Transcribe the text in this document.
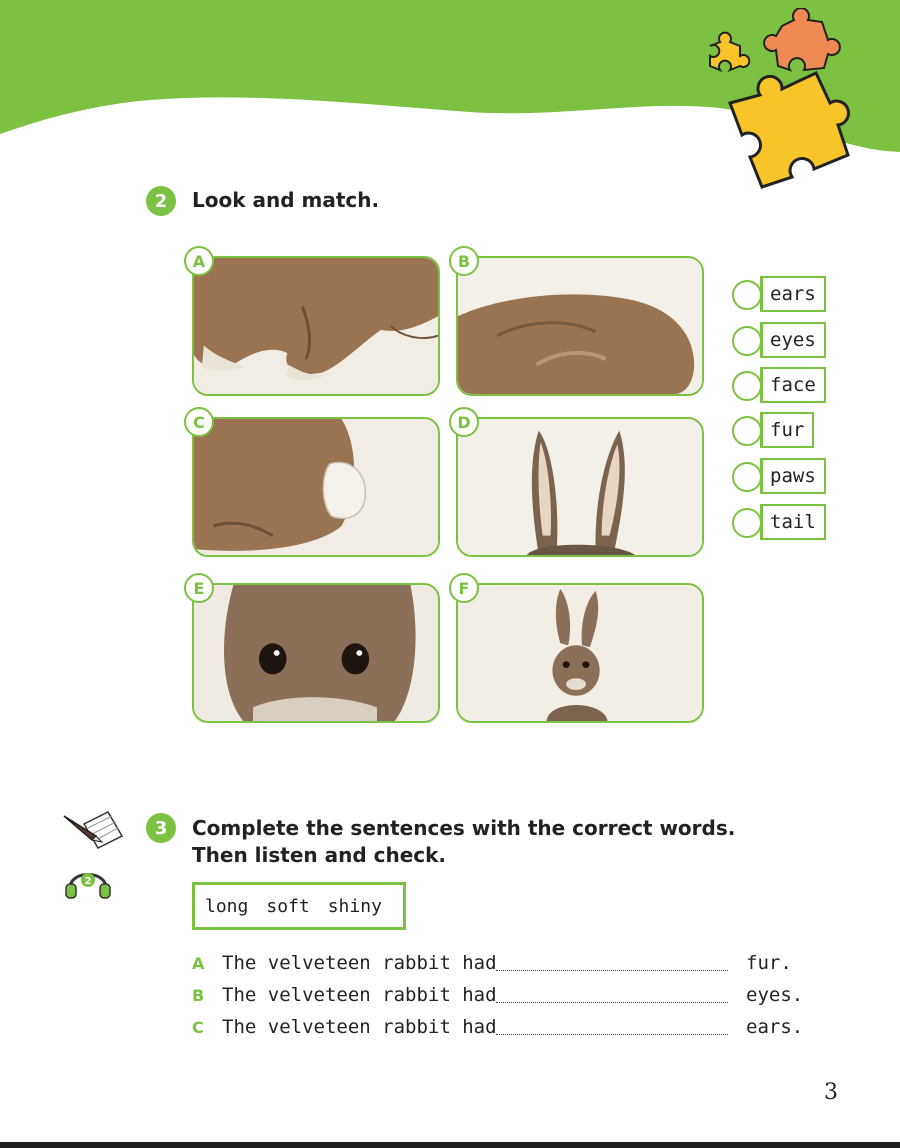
2	Look and match.
A	B
C	D
E	F
ears
eyes
face
fur
paws
tail
2
3	Complete the sentences with the correct words.
Then listen and check.
long soft shiny
A The velveteen rabbit had	fur.
B The velveteen rabbit had	eyes.
C The velveteen rabbit had	ears.
3
